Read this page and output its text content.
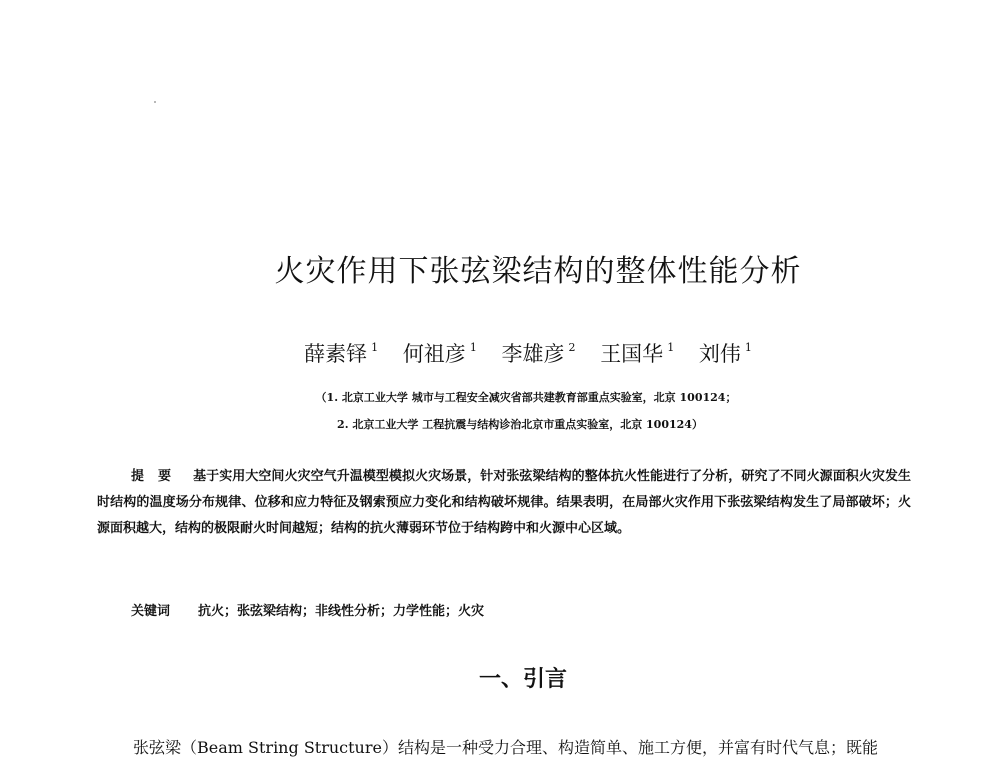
火灾作用下张弦梁结构的整体性能分析
薛素铎 $^1$ 何祖彦 $^1$ 李雄彦 $^2$ 王国华 $^1$ 刘伟 $^1$
（1. 北京工业大学 城市与工程安全减灾省部共建教育部重点实验室，北京 100124；
2. 北京工业大学 工程抗震与结构诊治北京市重点实验室，北京 100124）

提要 基于实用大空间火灾空气升温模型模拟火灾场景，针对张弦梁结构的整体抗火性能进行了分析，研究了不同火源面积火灾发生时结构的温度场分布规律、位移和应力特征及钢索预应力变化和结构破坏规律。结果表明，在局部火灾作用下张弦梁结构发生了局部破坏；火源面积越大，结构的极限耐火时间越短；结构的抗火薄弱环节位于结构跨中和火源中心区域。

关键词 抗火；张弦梁结构；非线性分析；力学性能；火灾
一、引言

张弦梁（Beam String Structure）结构是一种受力合理、构造简单、施工方便，并富有时代气息；既能
